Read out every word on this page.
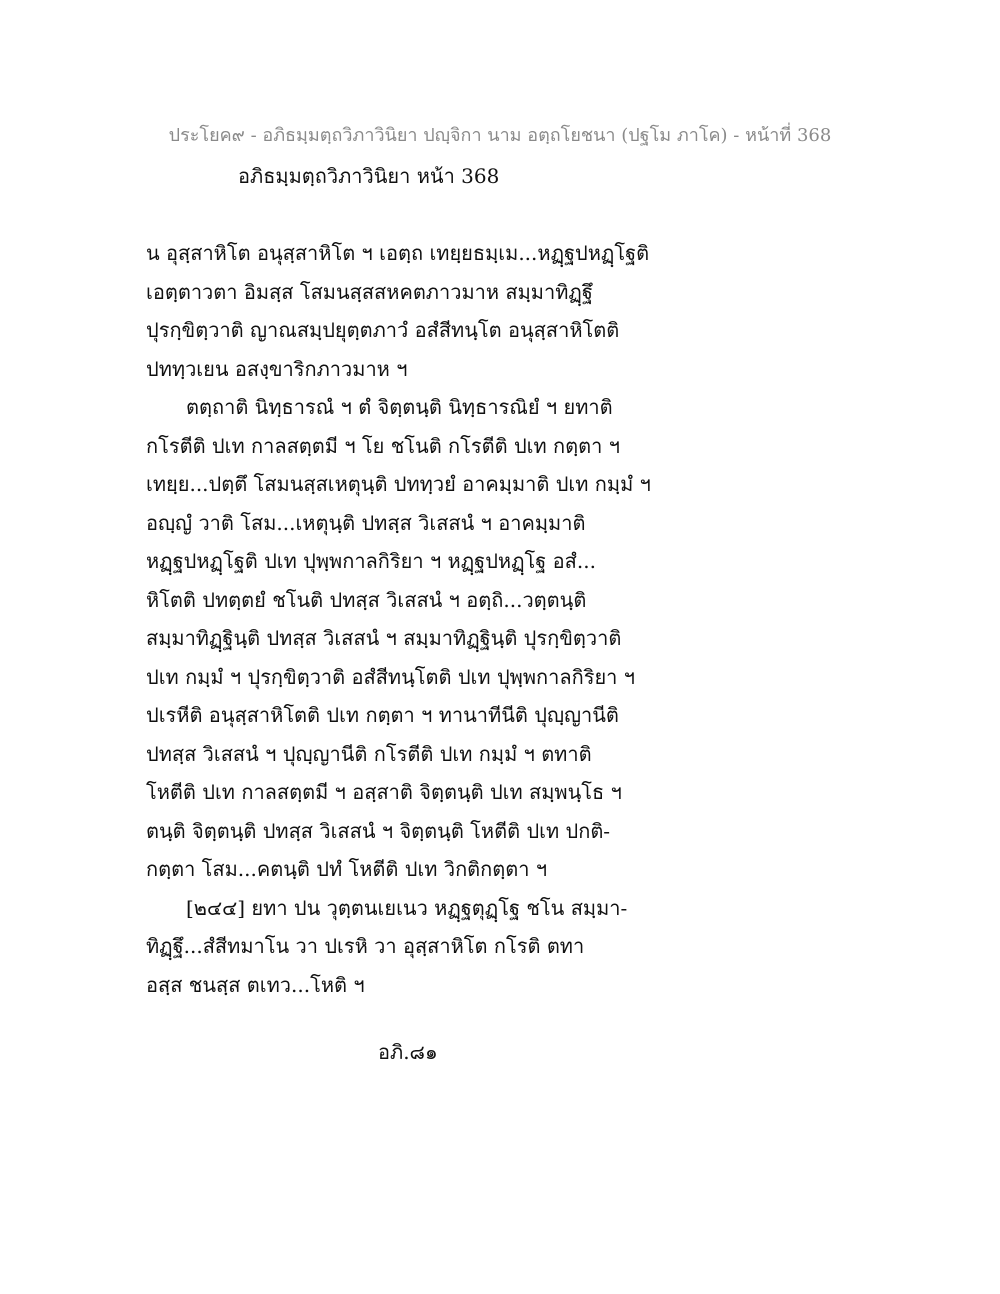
ประโยค๙ - อภิธมฺมตฺถวิภาวินิยา ปญฺจิกา นาม อตฺถโยชนา (ปฐโม ภาโค) - หน้าที่ 368
อภิธมฺมตฺถวิภาวินิยา หน้า 368
น อุสฺสาหิโต อนุสฺสาหิโต ฯ เอตฺถ เทยฺยธมฺเม...หฏฺฐปหฏฺโฐติ
เอตฺตาวตา อิมสฺส โสมนสฺสสหคตภาวมาห สมฺมาทิฏฺฐึ
ปุรกฺขิตฺวาติ ญาณสมฺปยุตฺตภาวํ อสํสีทนฺโต อนุสฺสาหิโตติ
ปททฺวเยน อสงฺขาริกภาวมาห ฯ
ตตฺถาติ นิทฺธารณํ ฯ ตํ จิตฺตนฺติ นิทฺธารณิยํ ฯ ยทาติ
กโรตีติ ปเท กาลสตฺตมี ฯ โย ชโนติ กโรตีติ ปเท กตฺตา ฯ
เทยฺย...ปตฺตึ โสมนสฺสเหตุนฺติ ปททฺวยํ อาคมฺมาติ ปเท กมฺมํ ฯ
อญฺญํ วาติ โสม...เหตุนฺติ ปทสฺส วิเสสนํ ฯ อาคมฺมาติ
หฏฺฐปหฏฺโฐติ ปเท ปุพฺพกาลกิริยา ฯ หฏฺฐปหฏฺโฐ อสํ...
หิโตติ ปทตฺตยํ ชโนติ ปทสฺส วิเสสนํ ฯ อตฺถิ...วตฺตนฺติ
สมฺมาทิฏฺฐินฺติ ปทสฺส วิเสสนํ ฯ สมฺมาทิฏฺฐินฺติ ปุรกฺขิตฺวาติ
ปเท กมฺมํ ฯ ปุรกฺขิตฺวาติ อสํสีทนฺโตติ ปเท ปุพฺพกาลกิริยา ฯ
ปเรหีติ อนุสฺสาหิโตติ ปเท กตฺตา ฯ ทานาทีนีติ ปุญฺญานีติ
ปทสฺส วิเสสนํ ฯ ปุญฺญานีติ กโรตีติ ปเท กมฺมํ ฯ ตทาติ
โหตีติ ปเท กาลสตฺตมี ฯ อสฺสาติ จิตฺตนฺติ ปเท สมฺพนฺโธ ฯ
ตนฺติ จิตฺตนฺติ ปทสฺส วิเสสนํ ฯ จิตฺตนฺติ โหตีติ ปเท ปกติ-
กตฺตา โสม...คตนฺติ ปทํ โหตีติ ปเท วิกติกตฺตา ฯ
[๒๔๔] ยทา ปน วุตฺตนเยเนว หฏฺฐตุฏฺโฐ ชโน สมฺมา-
ทิฏฺฐึ...สํสีทมาโน วา ปเรหิ วา อุสฺสาหิโต กโรติ ตทา
อสฺส ชนสฺส ตเทว...โหติ ฯ
อภิ.๘๑
